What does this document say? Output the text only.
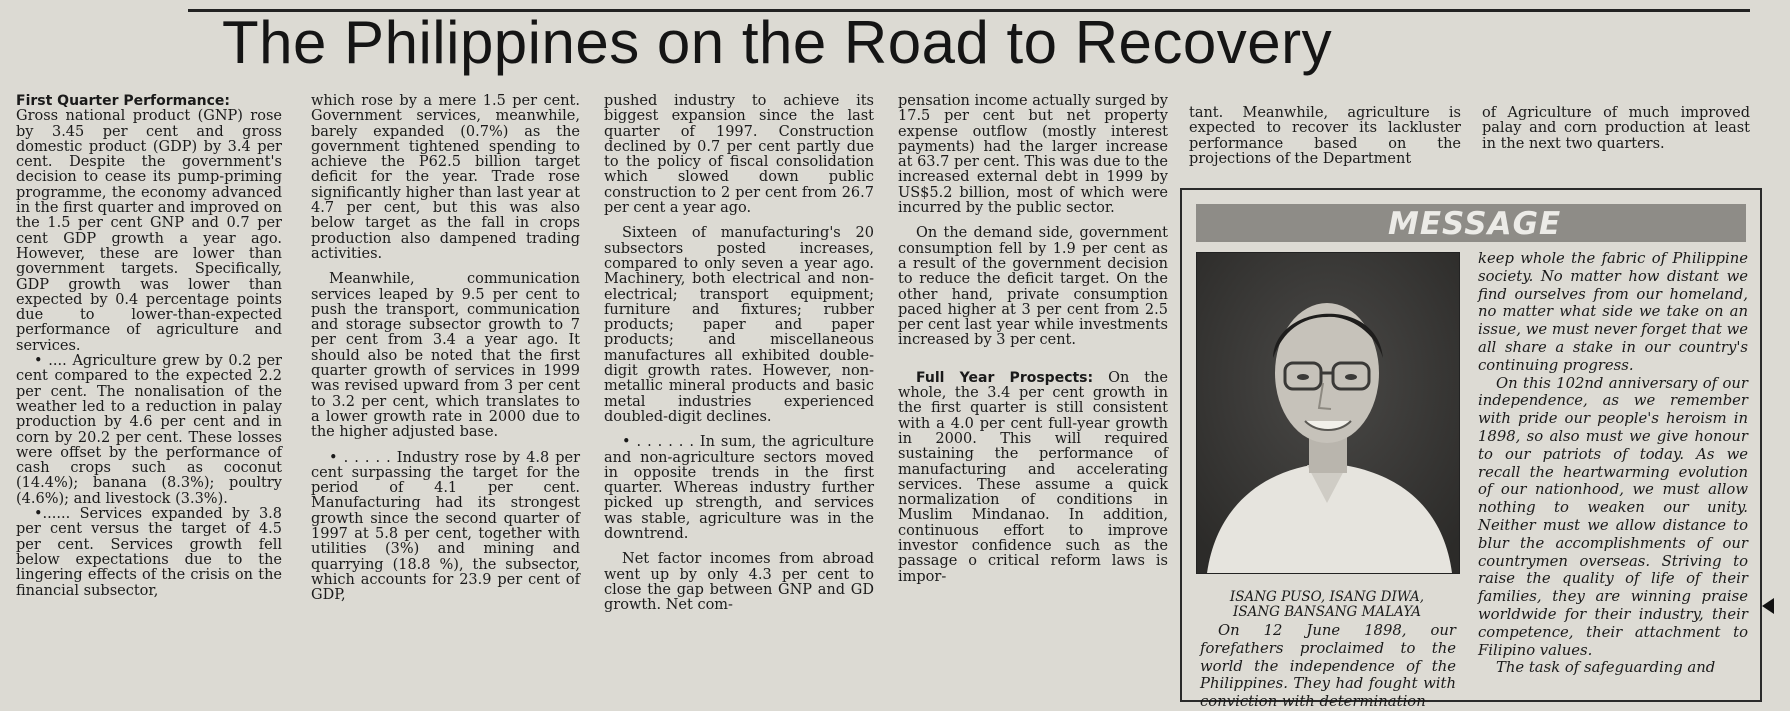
The Philippines on the Road to Recovery

First Quarter Performance:

Gross national product (GNP) rose by 3.45 per cent and gross domestic product (GDP) by 3.4 per cent. Despite the government's decision to cease its pump-priming programme, the economy advanced in the first quarter and improved on the 1.5 per cent GNP and 0.7 per cent GDP growth a year ago. However, these are lower than government targets. Specifically, GDP growth was lower than expected by 0.4 percentage points due to lower-than-expected performance of agriculture and services.

• .... Agriculture grew by 0.2 per cent compared to the expected 2.2 per cent. The nonalisation of the weather led to a reduction in palay production by 4.6 per cent and in corn by 20.2 per cent. These losses were offset by the performance of cash crops such as coconut (14.4%); banana (8.3%); poultry (4.6%); and livestock (3.3%).

•...... Services expanded by 3.8 per cent versus the target of 4.5 per cent. Services growth fell below expectations due to the lingering effects of the crisis on the financial subsector,

which rose by a mere 1.5 per cent. Government services, meanwhile, barely expanded (0.7%) as the government tightened spending to achieve the P62.5 billion target deficit for the year. Trade rose significantly higher than last year at 4.7 per cent, but this was also below target as the fall in crops production also dampened trading activities.

Meanwhile, communication services leaped by 9.5 per cent to push the transport, communication and storage subsector growth to 7 per cent from 3.4 a year ago. It should also be noted that the first quarter growth of services in 1999 was revised upward from 3 per cent to 3.2 per cent, which translates to a lower growth rate in 2000 due to the higher adjusted base.

• . . . . . Industry rose by 4.8 per cent surpassing the target for the period of 4.1 per cent. Manufacturing had its strongest growth since the second quarter of 1997 at 5.8 per cent, together with utilities (3%) and mining and quarrying (18.8 %), the subsector, which accounts for 23.9 per cent of GDP,

pushed industry to achieve its biggest expansion since the last quarter of 1997. Construction declined by 0.7 per cent partly due to the policy of fiscal consolidation which slowed down public construction to 2 per cent from 26.7 per cent a year ago.

Sixteen of manufacturing's 20 subsectors posted increases, compared to only seven a year ago. Machinery, both electrical and non-electrical; transport equipment; furniture and fixtures; rubber products; paper and paper products; and miscellaneous manufactures all exhibited double-digit growth rates. However, non-metallic mineral products and basic metal industries experienced doubled-digit declines.

• . . . . . . In sum, the agriculture and non-agriculture sectors moved in opposite trends in the first quarter. Whereas industry further picked up strength, and services was stable, agriculture was in the downtrend.

Net factor incomes from abroad went up by only 4.3 per cent to close the gap between GNP and GD growth. Net com-

pensation income actually surged by 17.5 per cent but net property expense outflow (mostly interest payments) had the larger increase at 63.7 per cent. This was due to the increased external debt in 1999 by US$5.2 billion, most of which were incurred by the public sector.

On the demand side, government consumption fell by 1.9 per cent as a result of the government decision to reduce the deficit target. On the other hand, private consumption paced higher at 3 per cent from 2.5 per cent last year while investments increased by 3 per cent.

Full Year Prospects: On the whole, the 3.4 per cent growth in the first quarter is still consistent with a 4.0 per cent full-year growth in 2000. This will required sustaining the performance of manufacturing and accelerating services. These assume a quick normalization of conditions in Muslim Mindanao. In addition, continuous effort to improve investor confidence such as the passage o critical reform laws is impor-

tant. Meanwhile, agriculture is expected to recover its lackluster performance based on the projections of the Department

of Agriculture of much improved palay and corn production at least in the next two quarters.

MESSAGE
ISANG PUSO, ISANG DIWA,
ISANG BANSANG MALAYA

On 12 June 1898, our forefathers proclaimed to the world the independence of the Philippines. They had fought with conviction with determination

keep whole the fabric of Philippine society. No matter how distant we find ourselves from our homeland, no matter what side we take on an issue, we must never forget that we all share a stake in our country's continuing progress.

On this 102nd anniversary of our independence, as we remember with pride our people's heroism in 1898, so also must we give honour to our patriots of today. As we recall the heartwarming evolution of our nationhood, we must allow nothing to weaken our unity. Neither must we allow distance to blur the accomplishments of our countrymen overseas. Striving to raise the quality of life of their families, they are winning praise worldwide for their industry, their competence, their attachment to Filipino values.

The task of safeguarding and
